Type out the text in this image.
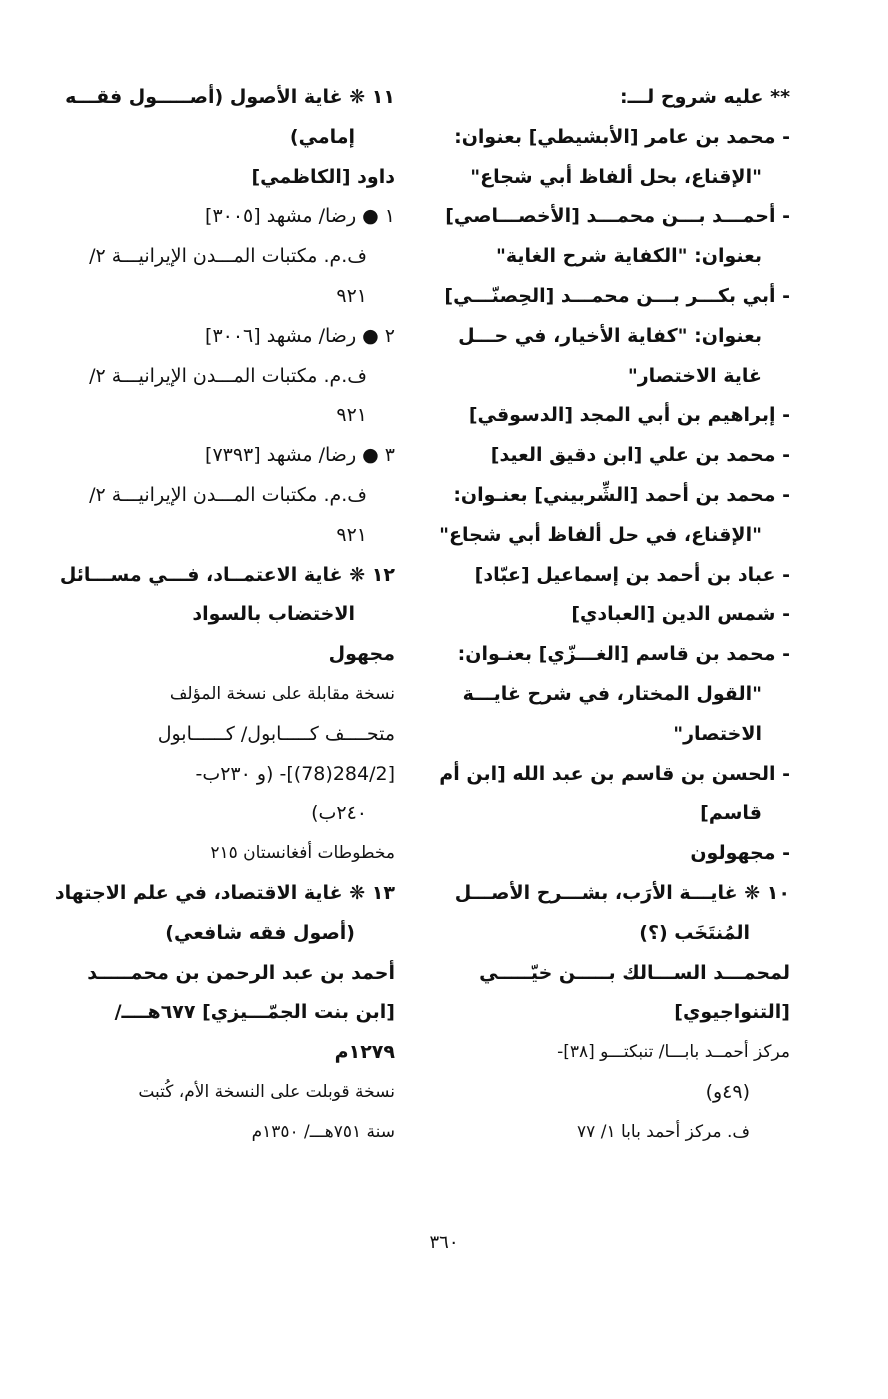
** عليه شروح لـــ:
- محمد بن عامر [الأبشيطي] بعنوان:
"الإقناع، بحل ألفاظ أبي شجاع"
- أحمـــد بـــن محمـــد [الأخصـــاصي]
بعنوان: "الكفاية شرح الغاية"
- أبي بكـــر بـــن محمـــد [الحِصنّـــي]
بعنوان: "كفاية الأخيار، في حـــل
غاية الاختصار"
- إبراهيم بن أبي المجد [الدسوقي]
- محمد بن علي [ابن دقيق العيد]
- محمد بن أحمد [الشِّربيني] بعنـوان:
"الإقناع، في حل ألفاظ أبي شجاع"
- عباد بن أحمد بن إسماعيل [عبّاد]
- شمس الدين [العبادي]
- محمد بن قاسم [الغـــزّي] بعنـوان:
"القول المختار، في شرح غايـــة
الاختصار"
- الحسن بن قاسم بن عبد الله [ابن أم
قاسم]
- مجهولون
١٠ ❋ غايـــة الأرَب، بشـــرح الأصـــل
المُنتَخَب (؟)
لمحمـــد الســـالك بـــــن خيّـــــي
[التنواجيوي]
مركز أحمــد بابـــا/ تنبكتـــو [٣٨]-
(٤٩و)
ف. مركز أحمد بابا ١/ ٧٧
١١ ❋ غاية الأصول (أصـــــول فقـــه
إمامي)
داود [الكاظمي]
١ ● رضا/ مشهد [٣٠٠٥]
ف.م. مكتبات المـــدن الإيرانيـــة ٢/
٩٢١
٢ ● رضا/ مشهد [٣٠٠٦]
ف.م. مكتبات المـــدن الإيرانيـــة ٢/
٩٢١
٣ ● رضا/ مشهد [٧٣٩٣]
ف.م. مكتبات المـــدن الإيرانيـــة ٢/
٩٢١
١٢ ❋ غاية الاعتمــاد، فـــي مســـائل
الاختضاب بالسواد
مجهول
نسخة مقابلة على نسخة المؤلف
متحــــف كـــــابول/ كــــــابول
[284/2(78)]- (و ٢٣٠ب-
٢٤٠ب)
مخطوطات أفغانستان ٢١٥
١٣ ❋ غاية الاقتصاد، في علم الاجتهاد
(أصول فقه شافعي)
أحمد بن عبد الرحمن بن محمـــــد
[ابن بنت الجمّـــيزي] ٦٧٧هــــ/
١٢٧٩م
نسخة قوبلت على النسخة الأم، كُتبت
سنة ٧٥١هـــ/ ١٣٥٠م
٣٦٠
